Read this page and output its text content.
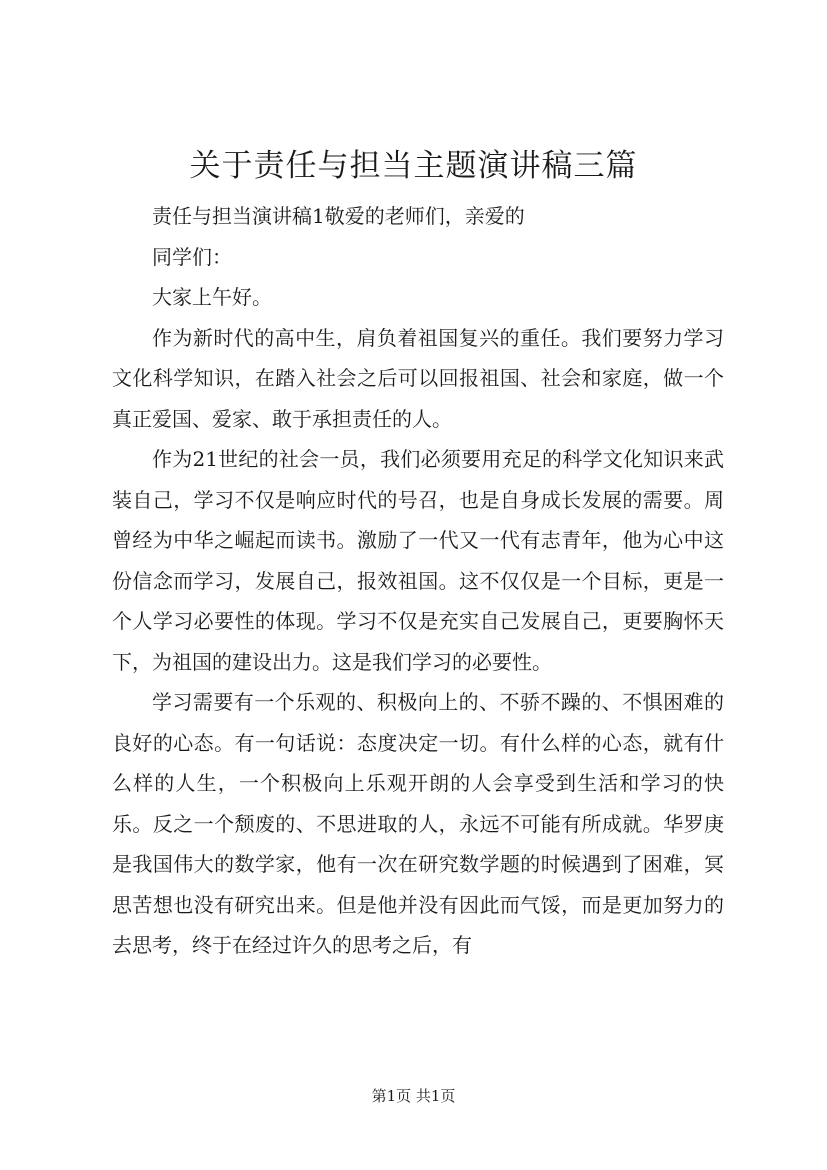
关于责任与担当主题演讲稿三篇

责任与担当演讲稿1敬爱的老师们，亲爱的

同学们：

大家上午好。

作为新时代的高中生，肩负着祖国复兴的重任。我们要努力学习文化科学知识，在踏入社会之后可以回报祖国、社会和家庭，做一个真正爱国、爱家、敢于承担责任的人。

作为21世纪的社会一员，我们必须要用充足的科学文化知识来武装自己，学习不仅是响应时代的号召，也是自身成长发展的需要。周曾经为中华之崛起而读书。激励了一代又一代有志青年，他为心中这份信念而学习，发展自己，报效祖国。这不仅仅是一个目标，更是一个人学习必要性的体现。学习不仅是充实自己发展自己，更要胸怀天下，为祖国的建设出力。这是我们学习的必要性。

学习需要有一个乐观的、积极向上的、不骄不躁的、不惧困难的良好的心态。有一句话说：态度决定一切。有什么样的心态，就有什么样的人生，一个积极向上乐观开朗的人会享受到生活和学习的快乐。反之一个颓废的、不思进取的人，永远不可能有所成就。华罗庚是我国伟大的数学家，他有一次在研究数学题的时候遇到了困难，冥思苦想也没有研究出来。但是他并没有因此而气馁，而是更加努力的去思考，终于在经过许久的思考之后，有

第1页 共1页
